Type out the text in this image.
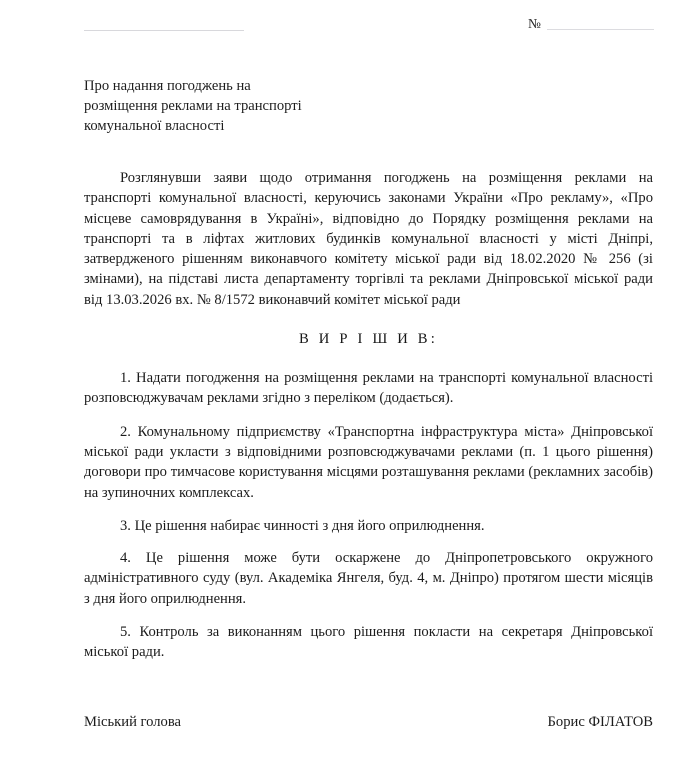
№

Про надання погоджень на

розміщення реклами на транспорті

комунальної власності

Розглянувши заяви щодо отримання погоджень на розміщення реклами на транспорті комунальної власності, керуючись законами України «Про рекламу», «Про місцеве самоврядування в Україні», відповідно до Порядку розміщення реклами на транспорті та в ліфтах житлових будинків комунальної власності у місті Дніпрі, затвердженого рішенням виконавчого комітету міської ради від 18.02.2020 № 256 (зі змінами), на підставі листа департаменту торгівлі та реклами Дніпровської міської ради від 13.03.2026 вх. № 8/1572 виконавчий комітет міської ради

В И Р І Ш И В:

1. Надати погодження на розміщення реклами на транспорті комунальної власності розповсюджувачам реклами згідно з переліком (додається).

2. Комунальному підприємству «Транспортна інфраструктура міста» Дніпровської міської ради укласти з відповідними розповсюджувачами реклами (п. 1 цього рішення) договори про тимчасове користування місцями розташування реклами (рекламних засобів) на зупиночних комплексах.

3. Це рішення набирає чинності з дня його оприлюднення.

4. Це рішення може бути оскаржене до Дніпропетровського окружного адміністративного суду (вул. Академіка Янгеля, буд. 4, м. Дніпро) протягом шести місяців з дня його оприлюднення.

5. Контроль за виконанням цього рішення покласти на секретаря Дніпровської міської ради.

Міський голова	Борис ФІЛАТОВ
